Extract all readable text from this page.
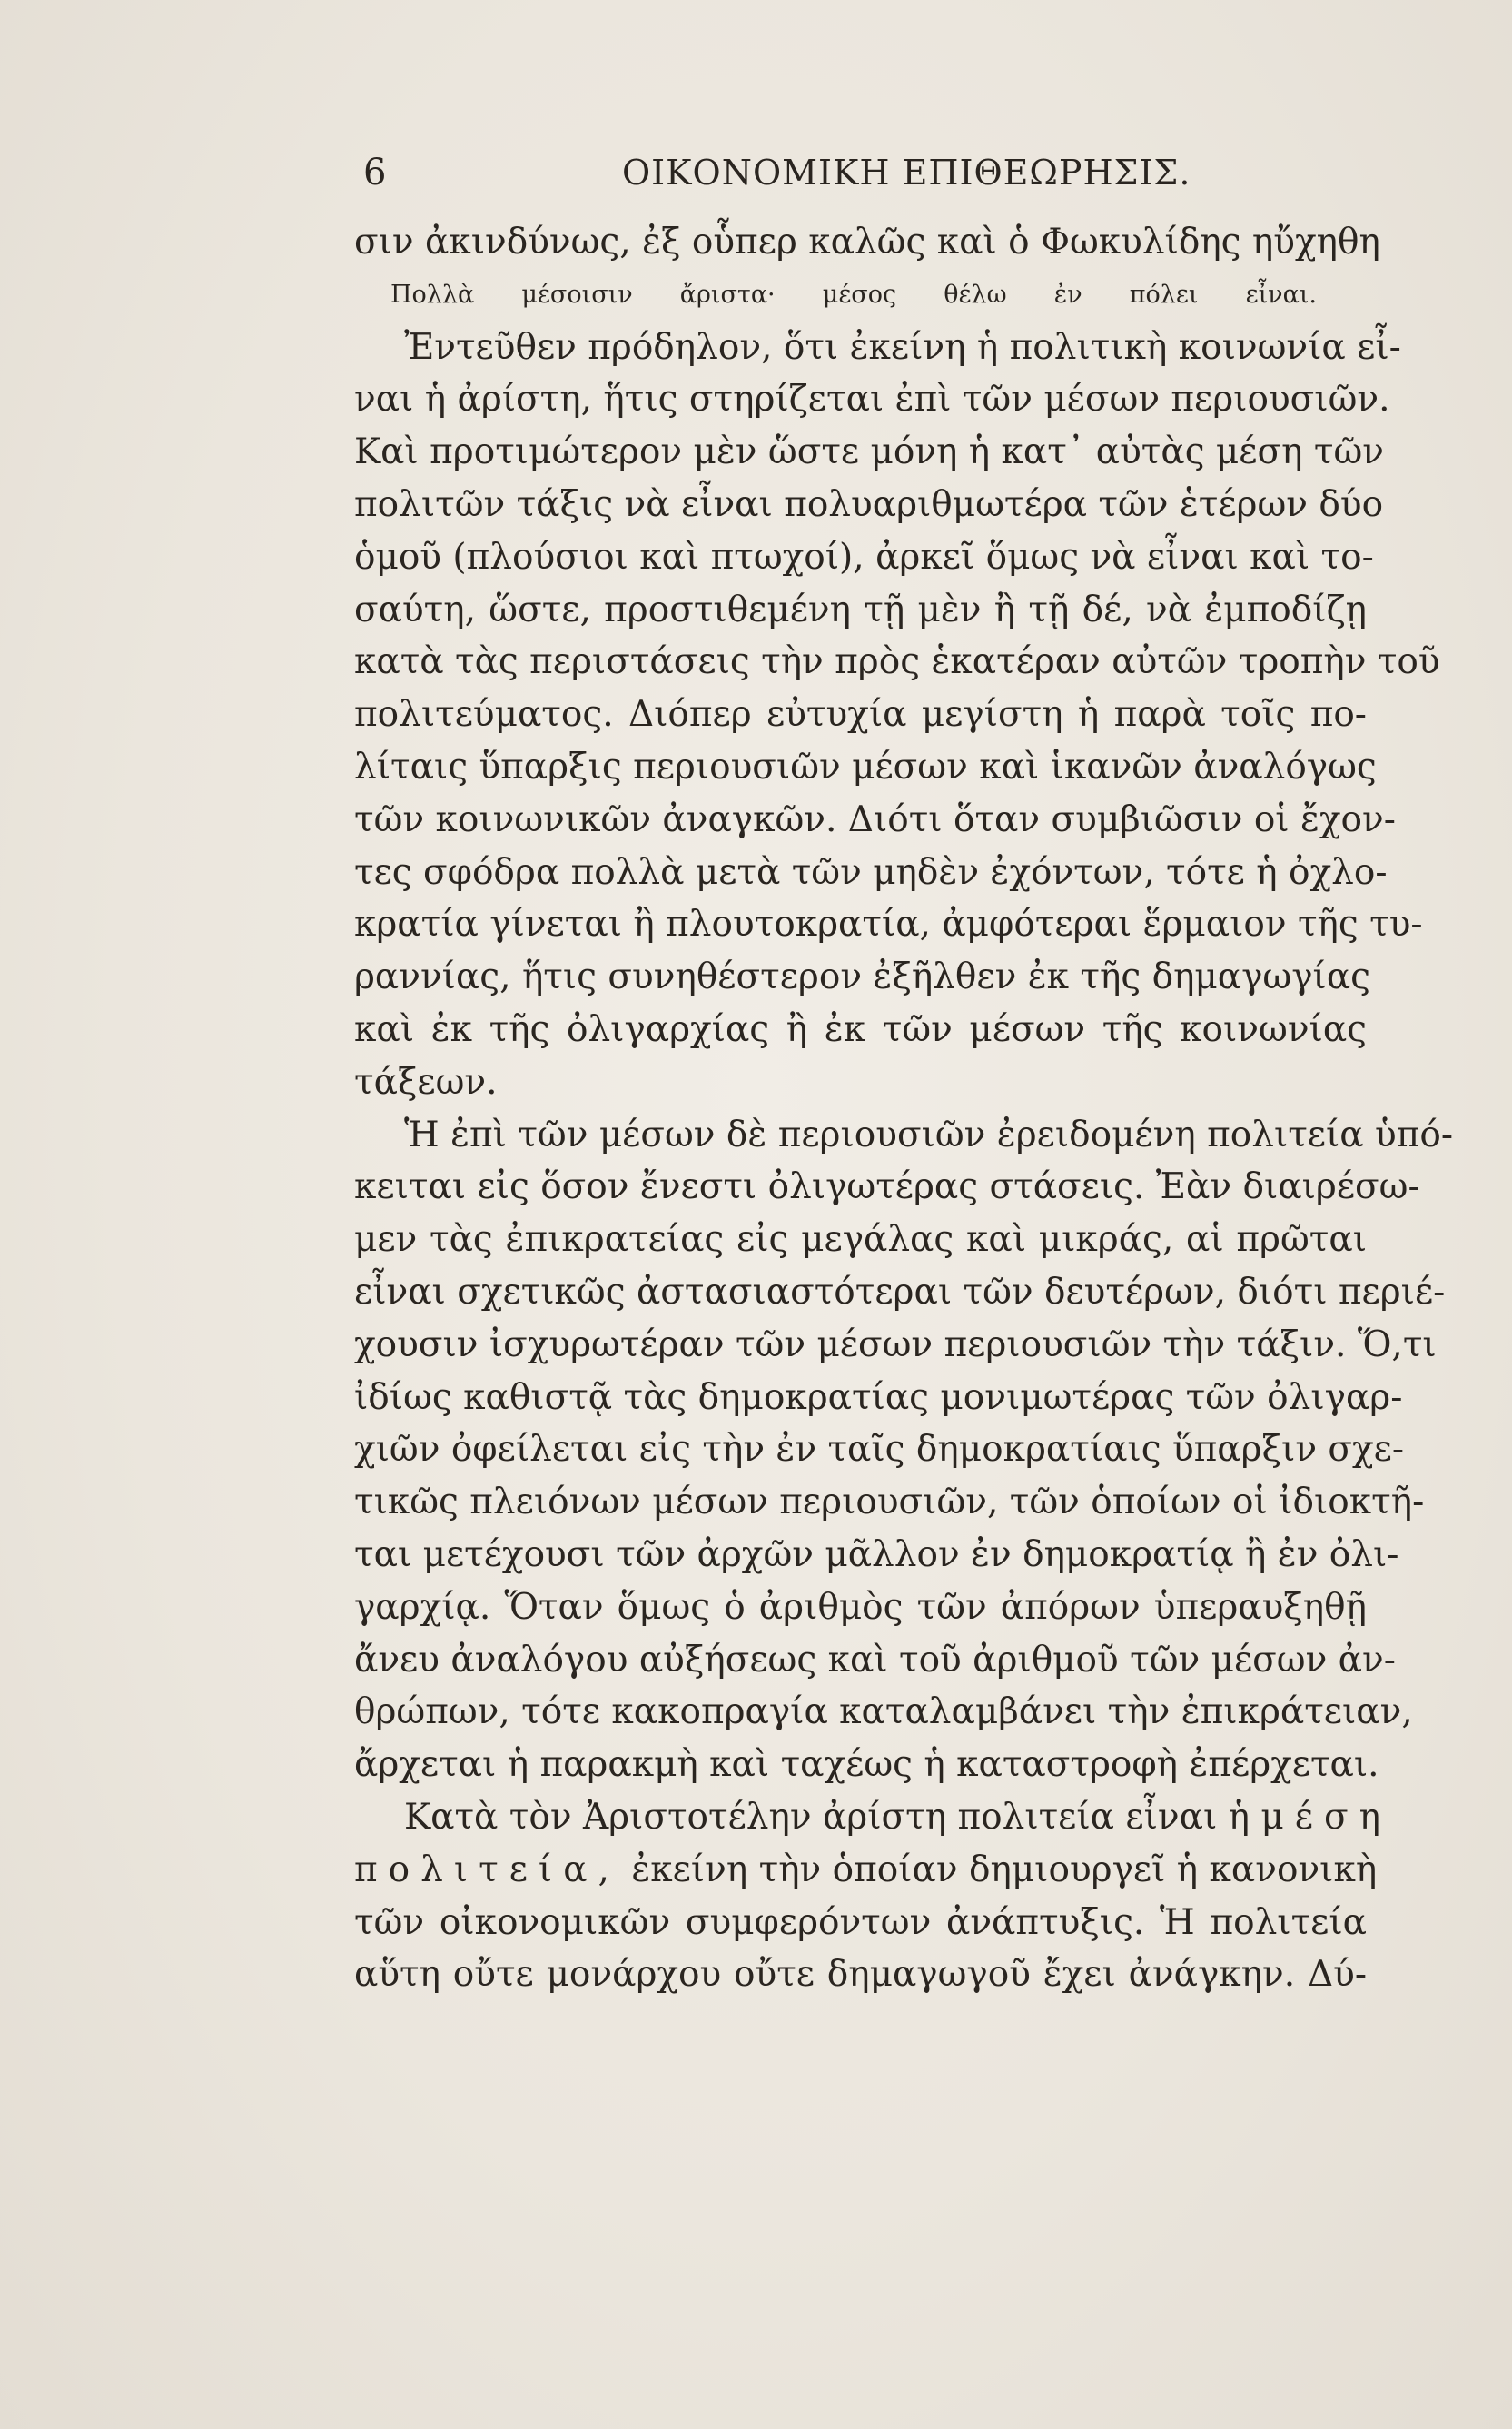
6	ΟΙΚΟΝΟΜΙΚΗ ΕΠΙΘΕΩΡΗΣΙΣ.
σιν ἀκινδύνως, ἐξ οὗπερ καλῶς καὶ ὁ Φωκυλίδης ηὔχηθη
Πολλὰ μέσοισιν ἄριστα· μέσος θέλω ἐν πόλει εἶναι.
Ἐντεῦθεν πρόδηλον, ὅτι ἐκείνη ἡ πολιτικὴ κοινωνία εἶ-
ναι ἡ ἀρίστη, ἥτις στηρίζεται ἐπὶ τῶν μέσων περιουσιῶν.
Καὶ προτιμώτερον μὲν ὥστε μόνη ἡ κατ᾽ αὐτὰς μέση τῶν
πολιτῶν τάξις νὰ εἶναι πολυαριθμωτέρα τῶν ἑτέρων δύο
ὁμοῦ (πλούσιοι καὶ πτωχοί), ἀρκεῖ ὅμως νὰ εἶναι καὶ το-
σαύτη, ὥστε, προστιθεμένη τῇ μὲν ἢ τῇ δέ, νὰ ἐμποδίζῃ
κατὰ τὰς περιστάσεις τὴν πρὸς ἑκατέραν αὐτῶν τροπὴν τοῦ
πολιτεύματος. Διόπερ εὐτυχία μεγίστη ἡ παρὰ τοῖς πο-
λίταις ὕπαρξις περιουσιῶν μέσων καὶ ἱκανῶν ἀναλόγως
τῶν κοινωνικῶν ἀναγκῶν. Διότι ὅταν συμβιῶσιν οἱ ἔχον-
τες σφόδρα πολλὰ μετὰ τῶν μηδὲν ἐχόντων, τότε ἡ ὀχλο-
κρατία γίνεται ἢ πλουτοκρατία, ἀμφότεραι ἕρμαιον τῆς τυ-
ραννίας, ἥτις συνηθέστερον ἐξῆλθεν ἐκ τῆς δημαγωγίας
καὶ ἐκ τῆς ὀλιγαρχίας ἢ ἐκ τῶν μέσων τῆς κοινωνίας
τάξεων.
Ἡ ἐπὶ τῶν μέσων δὲ περιουσιῶν ἐρειδομένη πολιτεία ὑπό-
κειται εἰς ὅσον ἔνεστι ὀλιγωτέρας στάσεις. Ἐὰν διαιρέσω-
μεν τὰς ἐπικρατείας εἰς μεγάλας καὶ μικράς, αἱ πρῶται
εἶναι σχετικῶς ἀστασιαστότεραι τῶν δευτέρων, διότι περιέ-
χουσιν ἰσχυρωτέραν τῶν μέσων περιουσιῶν τὴν τάξιν. Ὅ,τι
ἰδίως καθιστᾷ τὰς δημοκρατίας μονιμωτέρας τῶν ὀλιγαρ-
χιῶν ὀφείλεται εἰς τὴν ἐν ταῖς δημοκρατίαις ὕπαρξιν σχε-
τικῶς πλειόνων μέσων περιουσιῶν, τῶν ὁποίων οἱ ἰδιοκτῆ-
ται μετέχουσι τῶν ἀρχῶν μᾶλλον ἐν δημοκρατίᾳ ἢ ἐν ὀλι-
γαρχίᾳ. Ὅταν ὅμως ὁ ἀριθμὸς τῶν ἀπόρων ὑπεραυξηθῇ
ἄνευ ἀναλόγου αὐξήσεως καὶ τοῦ ἀριθμοῦ τῶν μέσων ἀν-
θρώπων, τότε κακοπραγία καταλαμβάνει τὴν ἐπικράτειαν,
ἄρχεται ἡ παρακμὴ καὶ ταχέως ἡ καταστροφὴ ἐπέρχεται.
Κατὰ τὸν Ἀριστοτέλην ἀρίστη πολιτεία εἶναι ἡ μέση
πολιτεία, ἐκείνη τὴν ὁποίαν δημιουργεῖ ἡ κανονικὴ
τῶν οἰκονομικῶν συμφερόντων ἀνάπτυξις. Ἡ πολιτεία
αὕτη οὔτε μονάρχου οὔτε δημαγωγοῦ ἔχει ἀνάγκην. Δύ-
